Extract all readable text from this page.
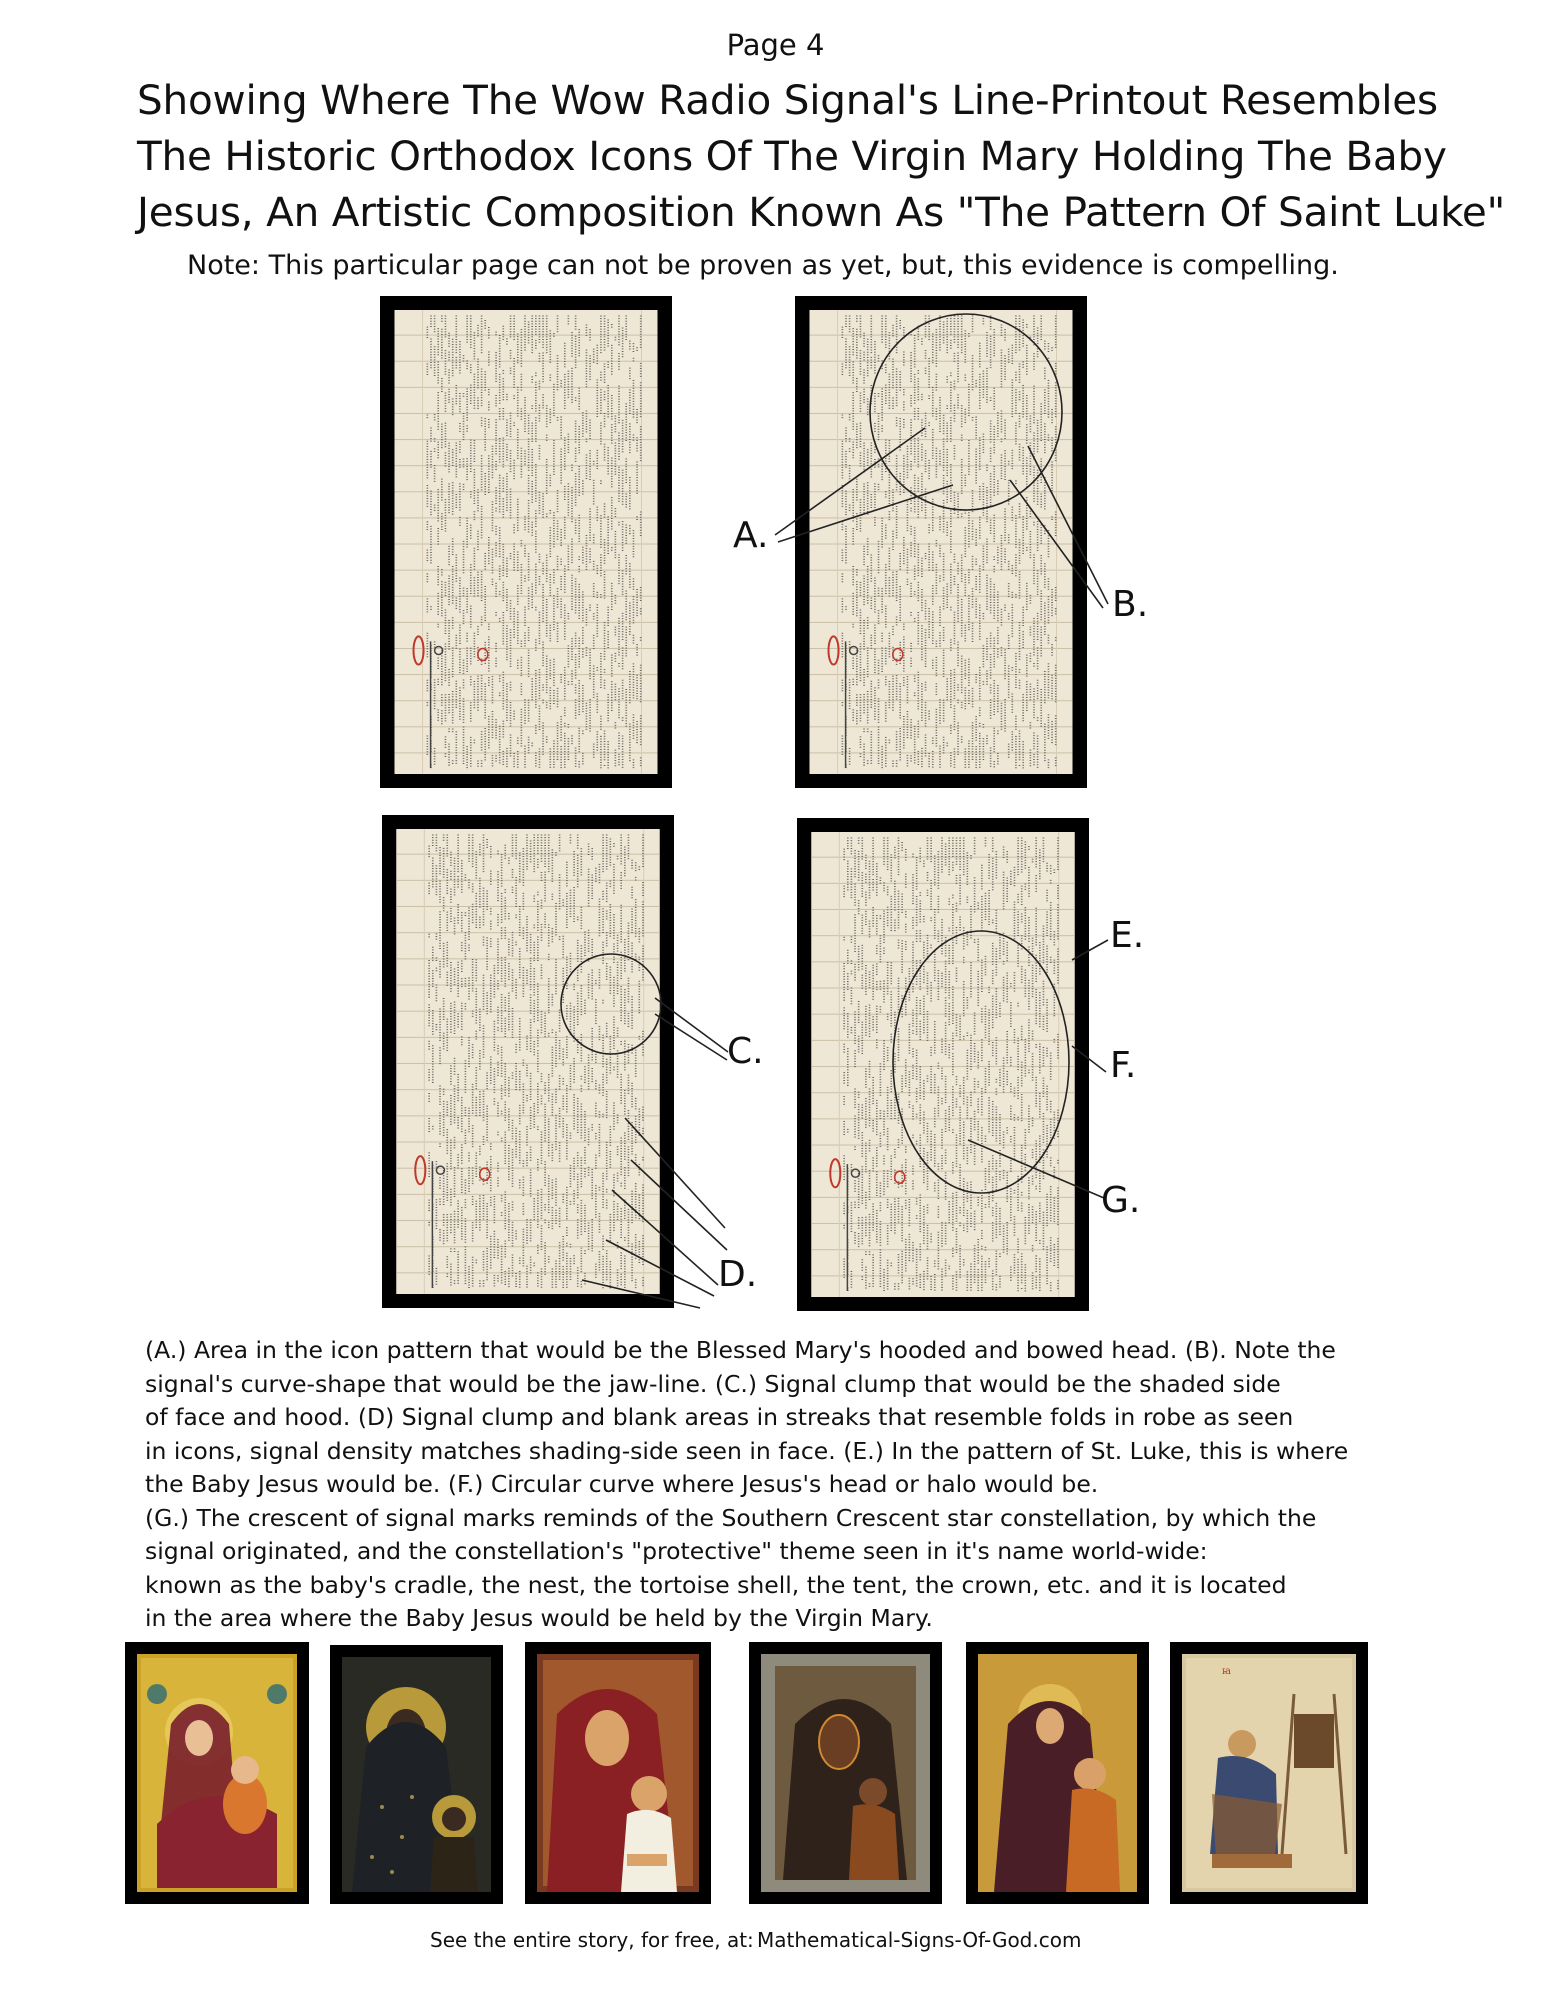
Page 4
Showing Where The Wow Radio Signal's Line-Printout Resembles
The Historic Orthodox Icons Of The Virgin Mary Holding The Baby
Jesus, An Artistic Composition Known As "The Pattern Of Saint Luke"
Note: This particular page can not be proven as yet, but, this evidence is compelling.
A.
B.
C.
D.
E.
F.
G.
(A.) Area in the icon pattern that would be the Blessed Mary's hooded and bowed head. (B). Note the
signal's curve-shape that would be the jaw-line. (C.) Signal clump that would be the shaded side
of face and hood. (D) Signal clump and blank areas in streaks that resemble folds in robe as seen
in icons, signal density matches shading-side seen in face. (E.) In the pattern of St. Luke, this is where
the Baby Jesus would be. (F.) Circular curve where Jesus's head or halo would be.
(G.) The crescent of signal marks reminds of the Southern Crescent star constellation, by which the
signal originated, and the constellation's "protective" theme seen in it's name world-wide:
known as the baby's cradle, the nest, the tortoise shell, the tent, the crown, etc. and it is located
in the area where the Baby Jesus would be held by the Virgin Mary.
ꙗ
See the entire story, for free, at: Mathematical-Signs-Of-God.com
